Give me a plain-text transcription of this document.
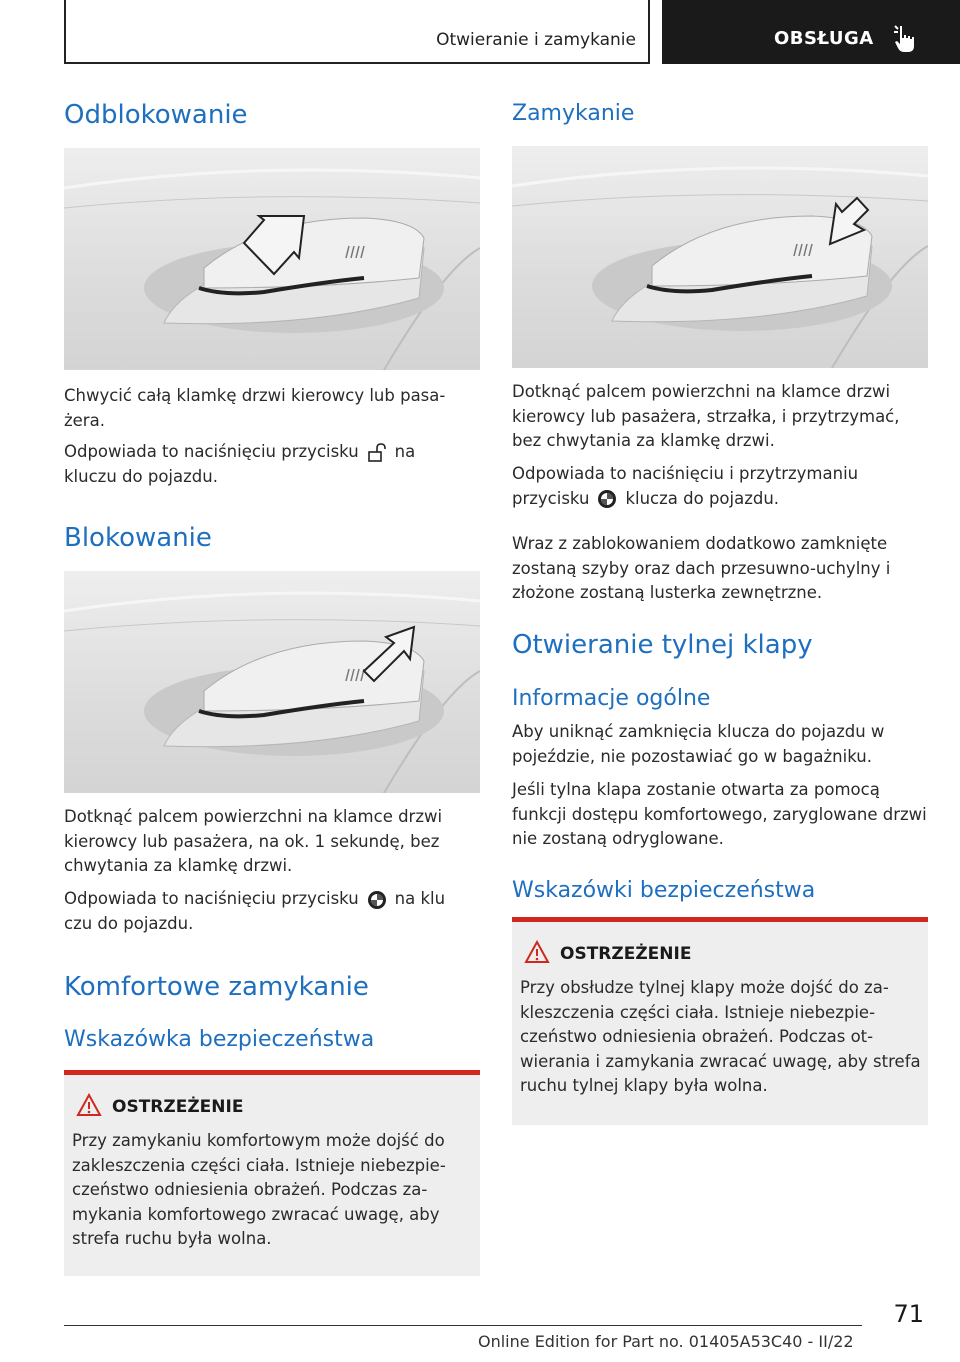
Otwieranie i zamykanie	OBSŁUGA
Odblokowanie

Chwycić całą klamkę drzwi kierowcy lub pasażera.

Odpowiada to naciśnięciu przycisku na
kluczu do pojazdu.

Blokowanie

Dotknąć palcem powierzchni na klamce drzwi kierowcy lub pasażera, na ok. 1 sekundę, bez chwytania za klamkę drzwi.

Odpowiada to naciśnięciu przycisku na klu
czu do pojazdu.

Komfortowe zamykanie
Wskazówka bezpieczeństwa
OSTRZEŻENIE

Przy zamykaniu komfortowym może dojść do zakleszczenia części ciała. Istnieje niebezpieczeństwo odniesienia obrażeń. Podczas zamykania komfortowego zwracać uwagę, aby strefa ruchu była wolna.

Zamykanie

Dotknąć palcem powierzchni na klamce drzwi kierowcy lub pasażera, strzałka, i przytrzymać, bez chwytania za klamkę drzwi.

Odpowiada to naciśnięciu i przytrzymaniu
przycisku klucza do pojazdu.

Wraz z zablokowaniem dodatkowo zamknięte zostaną szyby oraz dach przesuwno-uchylny i złożone zostaną lusterka zewnętrzne.

Otwieranie tylnej klapy
Informacje ogólne

Aby uniknąć zamknięcia klucza do pojazdu w pojeździe, nie pozostawiać go w bagażniku.

Jeśli tylna klapa zostanie otwarta za pomocą funkcji dostępu komfortowego, zaryglowane drzwi nie zostaną odryglowane.

Wskazówki bezpieczeństwa
OSTRZEŻENIE

Przy obsłudze tylnej klapy może dojść do zakleszczenia części ciała. Istnieje niebezpieczeństwo odniesienia obrażeń. Podczas otwierania i zamykania zwracać uwagę, aby strefa ruchu tylnej klapy była wolna.

71
Online Edition for Part no. 01405A53C40 - II/22
